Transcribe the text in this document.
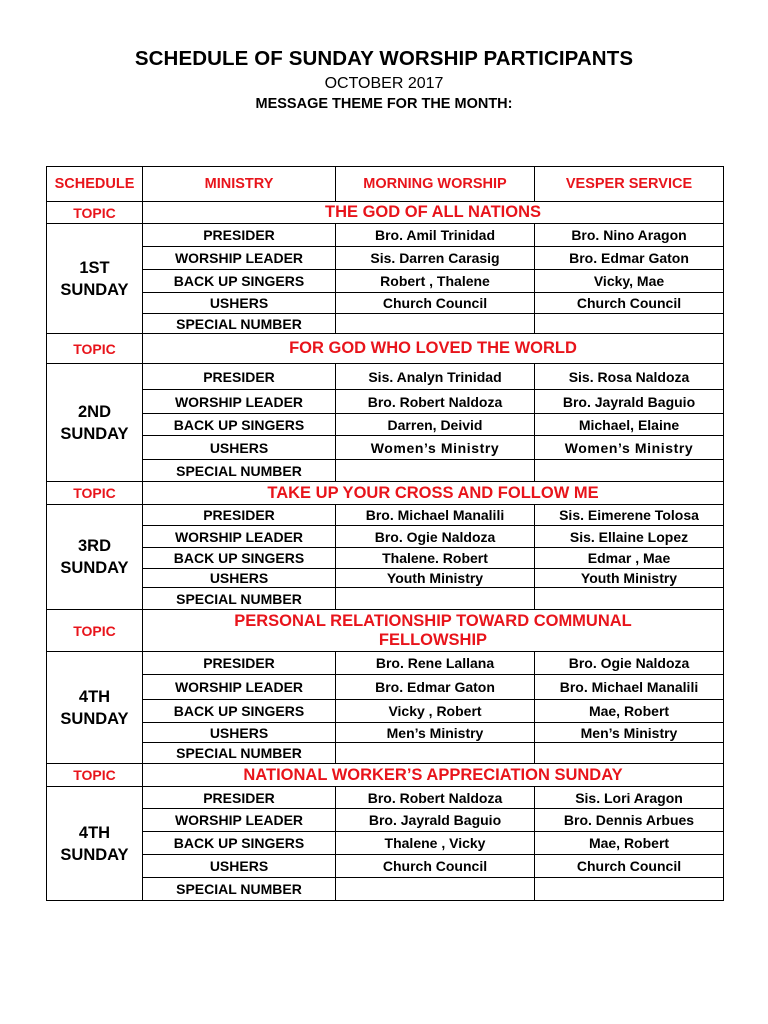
SCHEDULE OF SUNDAY WORSHIP PARTICIPANTS
OCTOBER 2017
MESSAGE THEME FOR THE MONTH:
SCHEDULE	MINISTRY	MORNING WORSHIP	VESPER SERVICE
TOPIC	THE GOD OF ALL NATIONS		
1ST
SUNDAY	PRESIDER	Bro. Amil Trinidad	Bro. Nino Aragon
	WORSHIP LEADER	Sis. Darren Carasig	Bro. Edmar Gaton
	BACK UP SINGERS	Robert , Thalene	Vicky, Mae
	USHERS	Church Council	Church Council
	SPECIAL NUMBER		
TOPIC	FOR GOD WHO LOVED THE WORLD		
2ND
SUNDAY	PRESIDER	Sis. Analyn Trinidad	Sis. Rosa Naldoza
	WORSHIP LEADER	Bro. Robert Naldoza	Bro. Jayrald Baguio
	BACK UP SINGERS	Darren, Deivid	Michael, Elaine
	USHERS	Women’s Ministry	Women’s Ministry
	SPECIAL NUMBER		
TOPIC	TAKE UP YOUR CROSS AND FOLLOW ME		
3RD
SUNDAY	PRESIDER	Bro. Michael Manalili	Sis. Eimerene Tolosa
	WORSHIP LEADER	Bro. Ogie Naldoza	Sis. Ellaine Lopez
	BACK UP SINGERS	Thalene. Robert	Edmar , Mae
	USHERS	Youth Ministry	Youth Ministry
	SPECIAL NUMBER		
TOPIC	PERSONAL RELATIONSHIP TOWARD COMMUNAL
FELLOWSHIP		
4TH
SUNDAY	PRESIDER	Bro. Rene Lallana	Bro. Ogie Naldoza
	WORSHIP LEADER	Bro. Edmar Gaton	Bro. Michael Manalili
	BACK UP SINGERS	Vicky , Robert	Mae, Robert
	USHERS	Men’s Ministry	Men’s Ministry
	SPECIAL NUMBER		
TOPIC	NATIONAL WORKER’S APPRECIATION SUNDAY		
4TH
SUNDAY	PRESIDER	Bro. Robert Naldoza	Sis. Lori Aragon
	WORSHIP LEADER	Bro. Jayrald Baguio	Bro. Dennis Arbues
	BACK UP SINGERS	Thalene , Vicky	Mae, Robert
	USHERS	Church Council	Church Council
	SPECIAL NUMBER		
